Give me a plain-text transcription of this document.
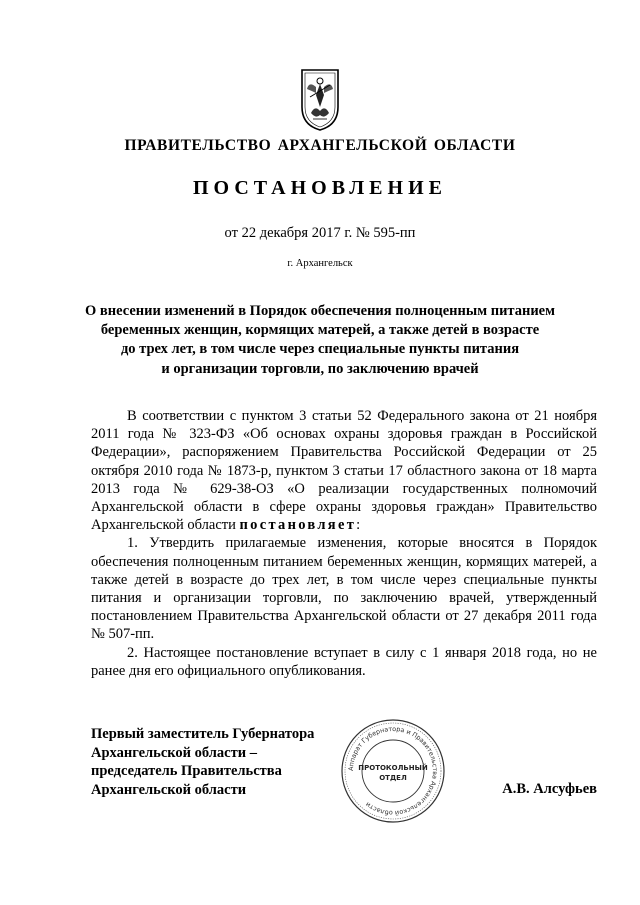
ПРАВИТЕЛЬСТВО АРХАНГЕЛЬСКОЙ ОБЛАСТИ
ПОСТАНОВЛЕНИЕ
от 22 декабря 2017 г. № 595-пп
г. Архангельск
О внесении изменений в Порядок обеспечения полноценным питанием
беременных женщин, кормящих матерей, а также детей в возрасте
до трех лет, в том числе через специальные пункты питания
и организации торговли, по заключению врачей

В соответствии с пунктом 3 статьи 52 Федерального закона от 21 ноября 2011 года № 323-ФЗ «Об основах охраны здоровья граждан в Российской Федерации», распоряжением Правительства Российской Федерации от 25 октября 2010 года № 1873-р, пунктом 3 статьи 17 областного закона от 18 марта 2013 года № 629-38-ОЗ «О реализации государственных полномочий Архангельской области в сфере охраны здоровья граждан» Правительство Архангельской области постановляет:

1. Утвердить прилагаемые изменения, которые вносятся в Порядок обеспечения полноценным питанием беременных женщин, кормящих матерей, а также детей в возрасте до трех лет, в том числе через специальные пункты питания и организации торговли, по заключению врачей, утвержденный постановлением Правительства Архангельской области от 27 декабря 2011 года № 507-пп.

2. Настоящее постановление вступает в силу с 1 января 2018 года, но не ранее дня его официального опубликования.

Первый заместитель Губернатора
Архангельской области –
председатель Правительства
Архангельской области
Аппарат Губернатора и Правительства Архангельской области
ПРОТОКОЛЬНЫЙ
ОТДЕЛ
А.В. Алсуфьев
